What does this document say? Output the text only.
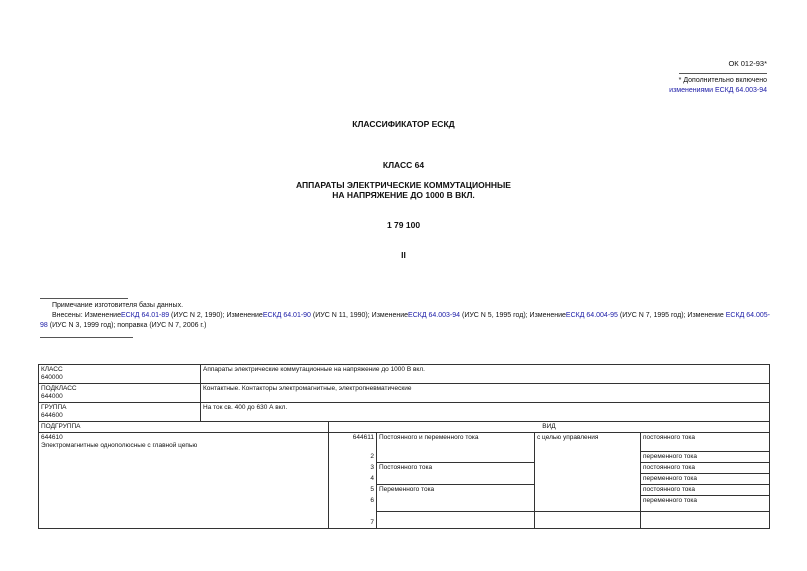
ОК 012-93*
* Дополнительно включено
изменениями ЕСКД 64.003-94
КЛАССИФИКАТОР ЕСКД
КЛАСС 64
АППАРАТЫ ЭЛЕКТРИЧЕСКИЕ КОММУТАЦИОННЫЕ
НА НАПРЯЖЕНИЕ ДО 1000 В ВКЛ.
1 79 100
II
Примечание изготовителя базы данных.
Внесены: ИзменениеЕСКД 64.01-89 (ИУС N 2, 1990); ИзменениеЕСКД 64.01-90 (ИУС N 11, 1990); ИзменениеЕСКД 64.003-94 (ИУС N 5, 1995 год); ИзменениеЕСКД 64.004-95 (ИУС N 7, 1995 год); Изменение ЕСКД 64.005-98 (ИУС N 3, 1999 год); поправка (ИУС N 7, 2006 г.)
КЛАСС
640000	Аппараты электрические коммутационные на напряжение до 1000 В вкл.				

ПОДКЛАСС
644000	Контактные. Контакторы электромагнитные, электропневматические				

ГРУППА
644600	На ток св. 400 до 630 А вкл.				
ПОДГРУППА		ВИД			

644610
Электромагнитные однополюсные с главной цепью		644611	Постоянного и переменного тока	с целью управления	постоянного тока
		2			переменного тока
		3	Постоянного тока		постоянного тока
		4			переменного тока
		5	Переменного тока		постоянного тока
		6			переменного тока
		7			
